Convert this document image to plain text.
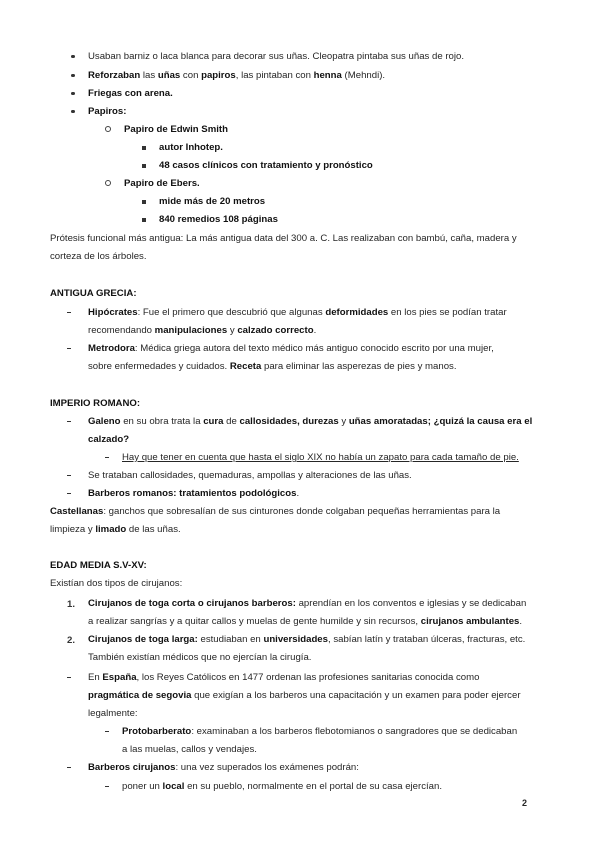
1.
2.
Usaban barniz o laca blanca para decorar sus uñas. Cleopatra pintaba sus uñas de rojo.
Reforzaban las uñas con papiros, las pintaban con henna (Mehndi).
Friegas con arena.
Papiros:
Papiro de Edwin Smith
autor Inhotep.
48 casos clínicos con tratamiento y pronóstico
Papiro de Ebers.
mide más de 20 metros
840 remedios 108 páginas
Prótesis funcional más antigua: La más antigua data del 300 a. C. Las realizaban con bambú, caña, madera y
corteza de los árboles.
ANTIGUA GRECIA:
Hipócrates: Fue el primero que descubrió que algunas deformidades en los pies se podían tratar
recomendando manipulaciones y calzado correcto.
Metrodora: Médica griega autora del texto médico más antiguo conocido escrito por una mujer,
sobre enfermedades y cuidados. Receta para eliminar las asperezas de pies y manos.
IMPERIO ROMANO:
Galeno en su obra trata la cura de callosidades, durezas y uñas amoratadas; ¿quizá la causa era el
calzado?
Hay que tener en cuenta que hasta el siglo XIX no había un zapato para cada tamaño de pie.
Se trataban callosidades, quemaduras, ampollas y alteraciones de las uñas.
Barberos romanos: tratamientos podológicos.
Castellanas: ganchos que sobresalían de sus cinturones donde colgaban pequeñas herramientas para la
limpieza y limado de las uñas.
EDAD MEDIA S.V-XV:
Existían dos tipos de cirujanos:
Cirujanos de toga corta o cirujanos barberos: aprendían en los conventos e iglesias y se dedicaban
a realizar sangrías y a quitar callos y muelas de gente humilde y sin recursos, cirujanos ambulantes.
Cirujanos de toga larga: estudiaban en universidades, sabían latín y trataban úlceras, fracturas, etc.
También existían médicos que no ejercían la cirugía.
En España, los Reyes Católicos en 1477 ordenan las profesiones sanitarias conocida como
pragmática de segovia que exigían a los barberos una capacitación y un examen para poder ejercer
legalmente:
Protobarberato: examinaban a los barberos flebotomianos o sangradores que se dedicaban
a las muelas, callos y vendajes.
Barberos cirujanos: una vez superados los exámenes podrán:
poner un local en su pueblo, normalmente en el portal de su casa ejercían.
2
